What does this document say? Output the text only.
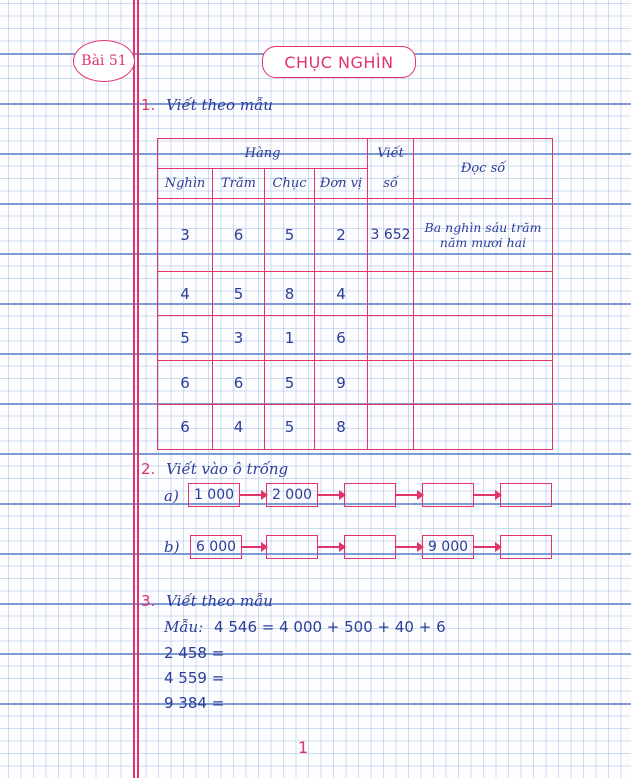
Bài 51	CHỤC NGHÌN
1. Viết theo mẫu
Hàng				Viết	Đọc số
Nghìn	Trăm	Chục	Đơn vị	số	
3	6	5	2	3 652	Ba nghìn sáu trăm năm mươi hai
4	5	8	4		
5	3	1	6		
6	6	5	9		
6	4	5	8		
2. Viết vào ô trống
a)	1 000	2 000
b)	6 000	9 000
3. Viết theo mẫu
Mẫu: 4 546 = 4 000 + 500 + 40 + 6
2 458 =
4 559 =
9 384 =
1
